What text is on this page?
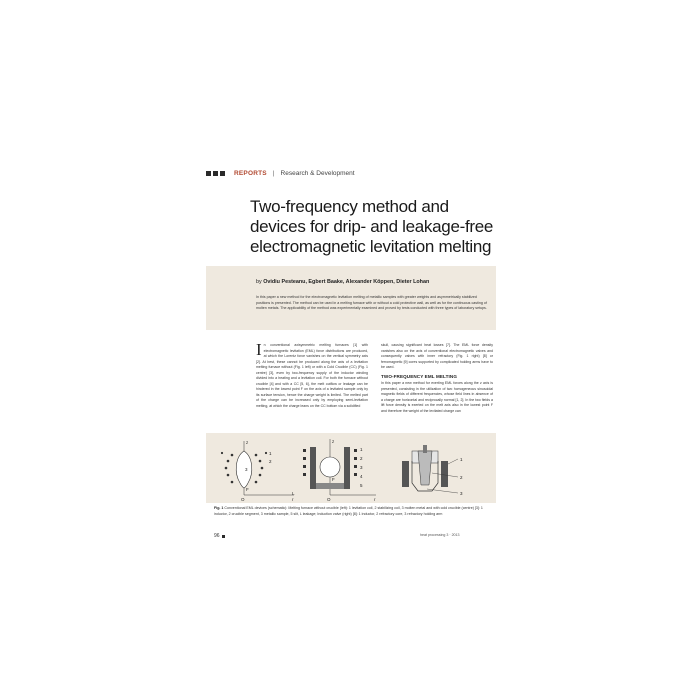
REPORTS | Research & Development
Two-frequency method and
devices for drip- and leakage-free
electromagnetic levitation melting
by Ovidiu Pesteanu, Egbert Baake, Alexander Köppen, Dieter Lohan
In this paper a new method for the electromagnetic levitation melting of metallic samples with greater weights and asymmetrically stabilized positions is presented. The method can be used in a melting furnace with or without a cold protective wall, as well as for the continuous casting of molten metals. The applicability of the method was experimentally examined and proved by tests conducted with three types of laboratory setups.
I n conventional axisymmetric melting furnaces [1] with electromagnetic levitation (EML) force distributions are produced, at which the Lorentz force vanishes on the vertical symmetry axis [2]. At best, these cannot be produced along the axis of a levitation melting furnace without (Fig. 1 left) or with a Cold Crucible (CC) (Fig. 1 centre) [3], even by two-frequency supply of the inductor winding divided into a heating and a levitation coil. For both the furnace without crucible [4] and with a CC [5, 6], the melt outflow or leakage can be hindered in the lowest point F on the axis of a levitated sample only by its surface tension, hence the charge weight is limited. The melted part of the charge can be increased only by employing semi-levitation melting, at which the charge leans on the CC bottom via a solidified
skull, causing significant heat losses [7]. The EML force density vanishes also on the axis of conventional electromagnetic valves and consequently valves with inner refractory (Fig. 1 right) [8] or ferromagnetic [9] cores supported by complicated holding arms have to be used.
TWO-FREQUENCY EML MELTING
In this paper a new method for exerting EML forces along the z axis is presented, consisting in the utilization of two homogeneous sinusoidal magnetic fields of different frequencies, whose field lines in absence of a charge are horizontal and reciprocally normal [1, 2]. In the two fields a lift force density is exerted on the melt axis also in the lowest point F and therefore the weight of the levitated charge can
z
1
2
3
F
O	r
z
1
2
3
4
5
F
O	r
L
1
2
3
Fig. 1 Conventional EML devices (schematic): Melting furnace without crucible (left): 1 levitation coil, 2 stabilizing coil, 3 molten metal and with cold crucible (centre) [3]: 1 inductor, 2 crucible segment, 3 metallic sample, 5 slit, L leakage; Induction valve (right) [8]: 1 inductor, 2 refractory core, 3 refractory holding arm
96	heat processing 3 · 2013
